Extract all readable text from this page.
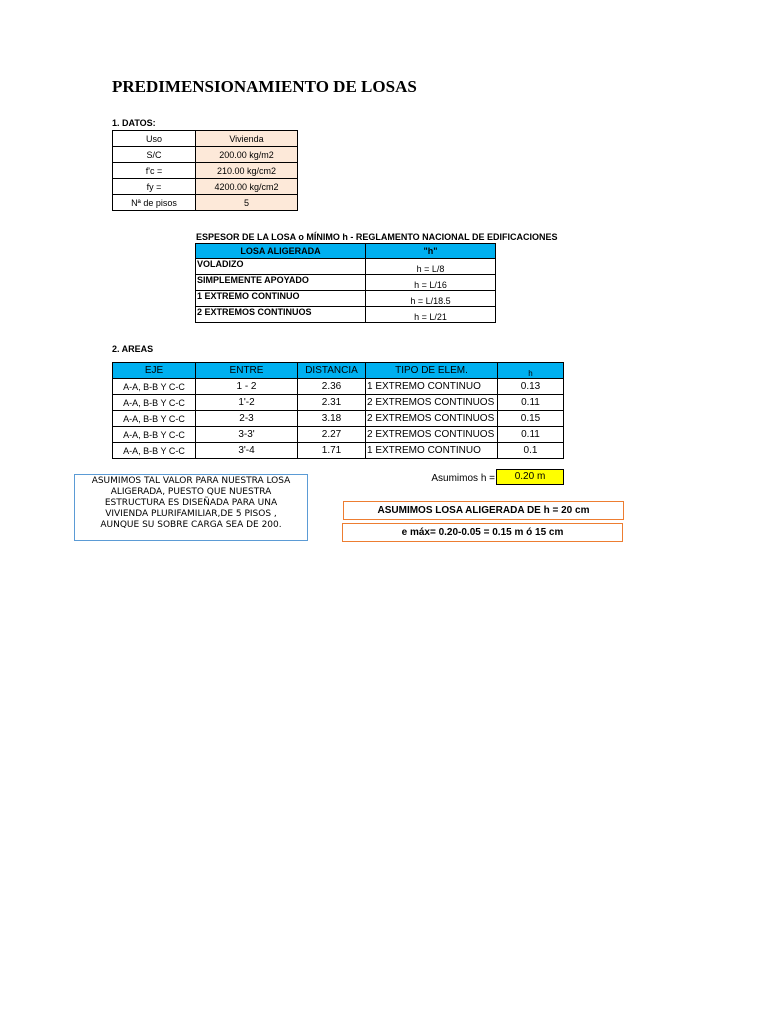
PREDIMENSIONAMIENTO DE LOSAS
1. DATOS:
Uso	Vivienda
S/C	200.00 kg/m2
f'c =	210.00 kg/cm2
fy =	4200.00 kg/cm2
Nª de pisos	5
ESPESOR DE LA LOSA o MÍNIMO h - REGLAMENTO NACIONAL DE EDIFICACIONES
LOSA ALIGERADA	"h"
VOLADIZO	h = L/8
SIMPLEMENTE APOYADO	h = L/16
1 EXTREMO CONTINUO	h = L/18.5
2 EXTREMOS CONTINUOS	h = L/21
2. AREAS
EJE	ENTRE	DISTANCIA	TIPO DE ELEM.	h
A-A, B-B Y C-C	1 - 2	2.36	1 EXTREMO CONTINUO	0.13
A-A, B-B Y C-C	1'-2	2.31	2 EXTREMOS CONTINUOS	0.11
A-A, B-B Y C-C	2-3	3.18	2 EXTREMOS CONTINUOS	0.15
A-A, B-B Y C-C	3-3'	2.27	2 EXTREMOS CONTINUOS	0.11
A-A, B-B Y C-C	3'-4	1.71	1 EXTREMO CONTINUO	0.1
ASUMIMOS TAL VALOR PARA NUESTRA LOSA ALIGERADA, PUESTO QUE NUESTRA ESTRUCTURA ES DISEÑADA PARA UNA VIVIENDA PLURIFAMILIAR,DE 5 PISOS , AUNQUE SU SOBRE CARGA SEA DE 200.
Asumimos h =	0.20 m
ASUMIMOS LOSA ALIGERADA DE h = 20 cm
e máx= 0.20-0.05 = 0.15 m ó 15 cm
